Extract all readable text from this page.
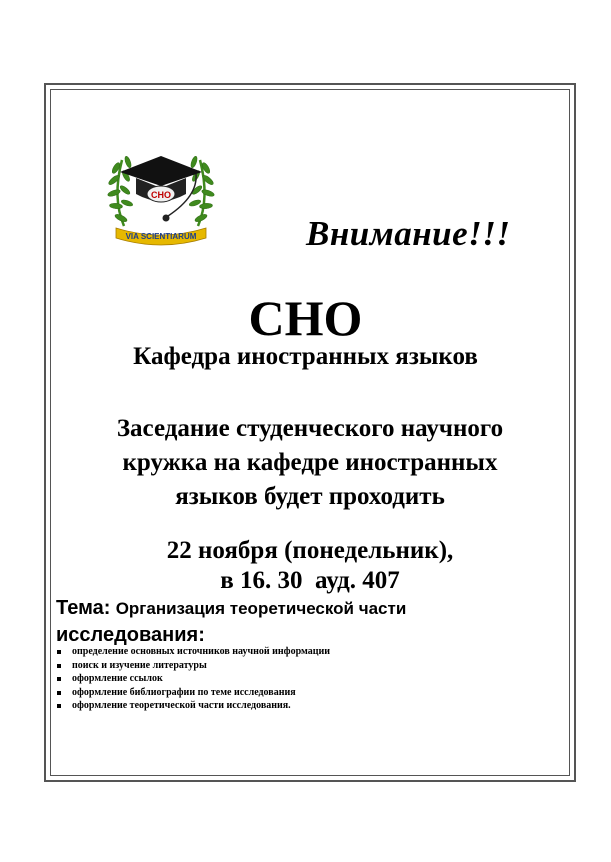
СНО
VIA SCIENTIARUM	Внимание!!!
СНО
Кафедра иностранных языков
Заседание студенческого научного
кружка на кафедре иностранных
языков будет проходить
22 ноября (понедельник),
в 16. 30  ауд. 407
Тема: Организация теоретической части
исследования:
определение основных источников научной информации
поиск и изучение литературы
оформление ссылок
оформление библиографии по теме исследования
оформление теоретической части исследования.
